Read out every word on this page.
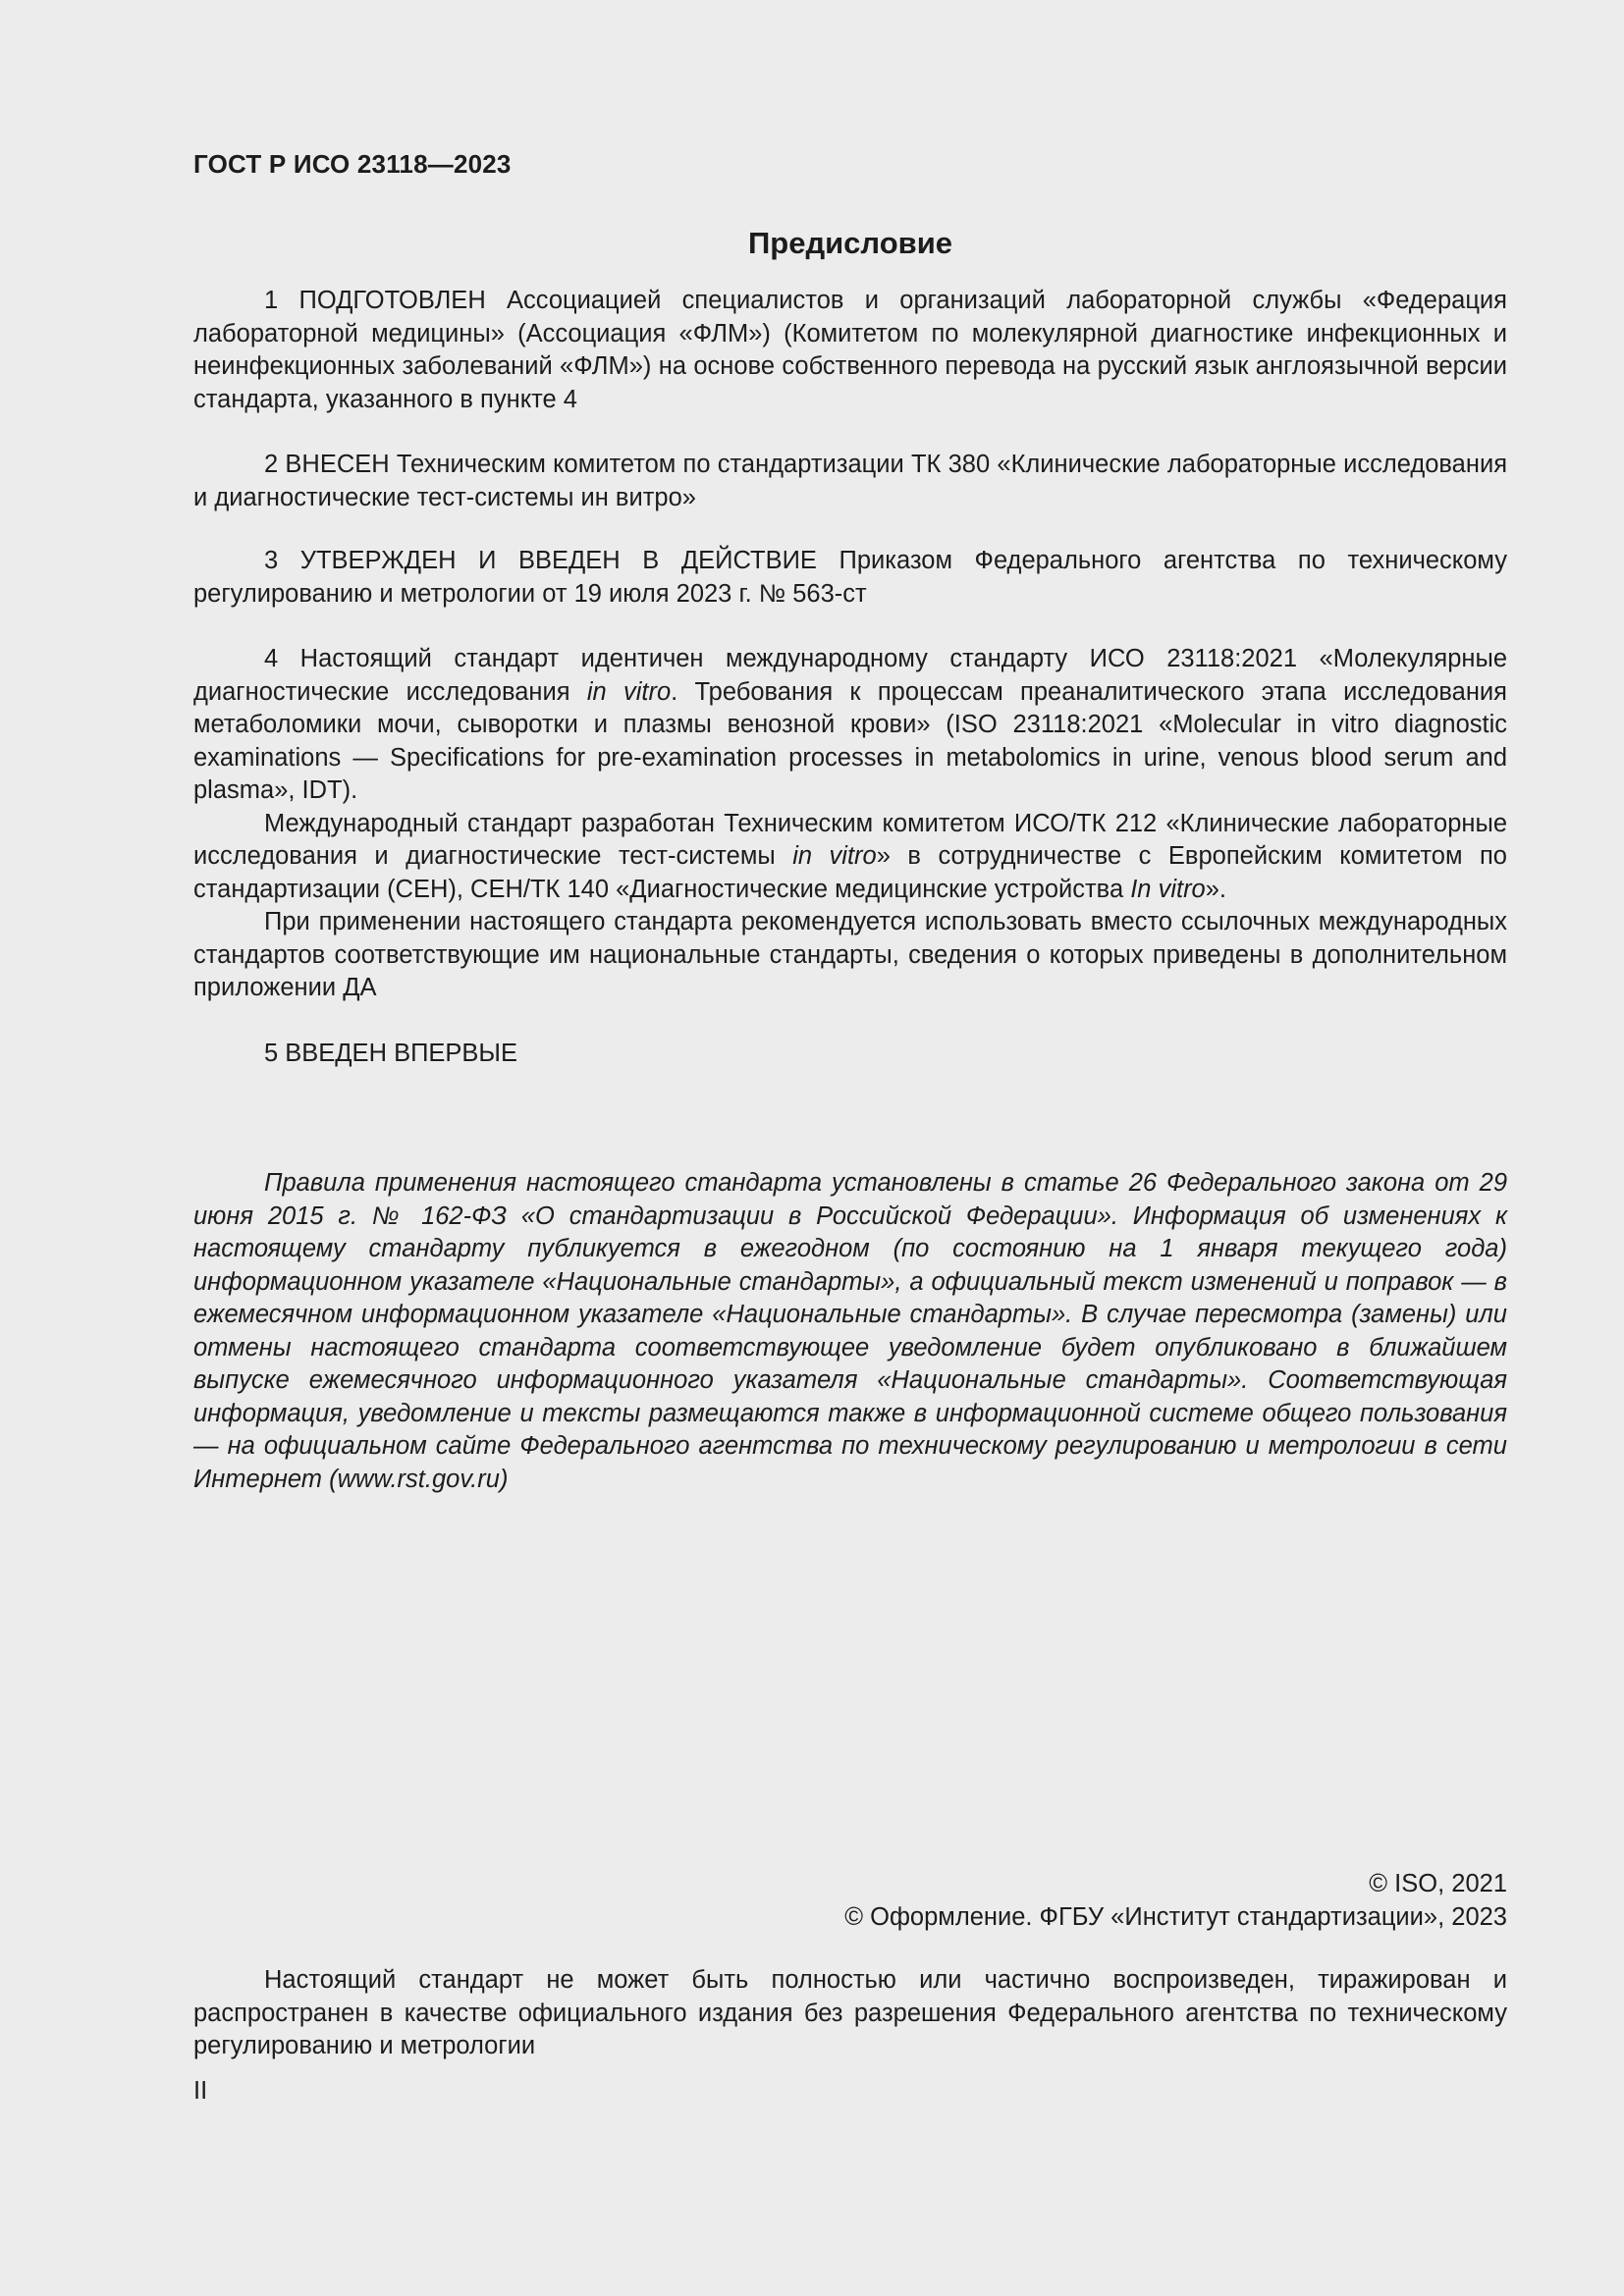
ГОСТ Р ИСО 23118—2023
Предисловие

1 ПОДГОТОВЛЕН Ассоциацией специалистов и организаций лабораторной службы «Федерация лабораторной медицины» (Ассоциация «ФЛМ») (Комитетом по молекулярной диагностике инфекционных и неинфекционных заболеваний «ФЛМ») на основе собственного перевода на русский язык англоязычной версии стандарта, указанного в пункте 4

2 ВНЕСЕН Техническим комитетом по стандартизации ТК 380 «Клинические лабораторные исследования и диагностические тест-системы ин витро»

3 УТВЕРЖДЕН И ВВЕДЕН В ДЕЙСТВИЕ Приказом Федерального агентства по техническому регулированию и метрологии от 19 июля 2023 г. № 563-ст

4 Настоящий стандарт идентичен международному стандарту ИСО 23118:2021 «Молекулярные диагностические исследования in vitro. Требования к процессам преаналитического этапа исследования метаболомики мочи, сыворотки и плазмы венозной крови» (ISO 23118:2021 «Molecular in vitro diagnostic examinations — Specifications for pre-examination processes in metabolomics in urine, venous blood serum and plasma», IDT).

Международный стандарт разработан Техническим комитетом ИСО/ТК 212 «Клинические лабораторные исследования и диагностические тест-системы in vitro» в сотрудничестве с Европейским комитетом по стандартизации (СЕН), СЕН/ТК 140 «Диагностические медицинские устройства In vitro».

При применении настоящего стандарта рекомендуется использовать вместо ссылочных международных стандартов соответствующие им национальные стандарты, сведения о которых приведены в дополнительном приложении ДА

5 ВВЕДЕН ВПЕРВЫЕ

Правила применения настоящего стандарта установлены в статье 26 Федерального закона от 29 июня 2015 г. № 162-ФЗ «О стандартизации в Российской Федерации». Информация об изменениях к настоящему стандарту публикуется в ежегодном (по состоянию на 1 января текущего года) информационном указателе «Национальные стандарты», а официальный текст изменений и поправок — в ежемесячном информационном указателе «Национальные стандарты». В случае пересмотра (замены) или отмены настоящего стандарта соответствующее уведомление будет опубликовано в ближайшем выпуске ежемесячного информационного указателя «Национальные стандарты». Соответствующая информация, уведомление и тексты размещаются также в информационной системе общего пользования — на официальном сайте Федерального агентства по техническому регулированию и метрологии в сети Интернет (www.rst.gov.ru)

© ISO, 2021
© Оформление. ФГБУ «Институт стандартизации», 2023

Настоящий стандарт не может быть полностью или частично воспроизведен, тиражирован и распространен в качестве официального издания без разрешения Федерального агентства по техническому регулированию и метрологии

II
